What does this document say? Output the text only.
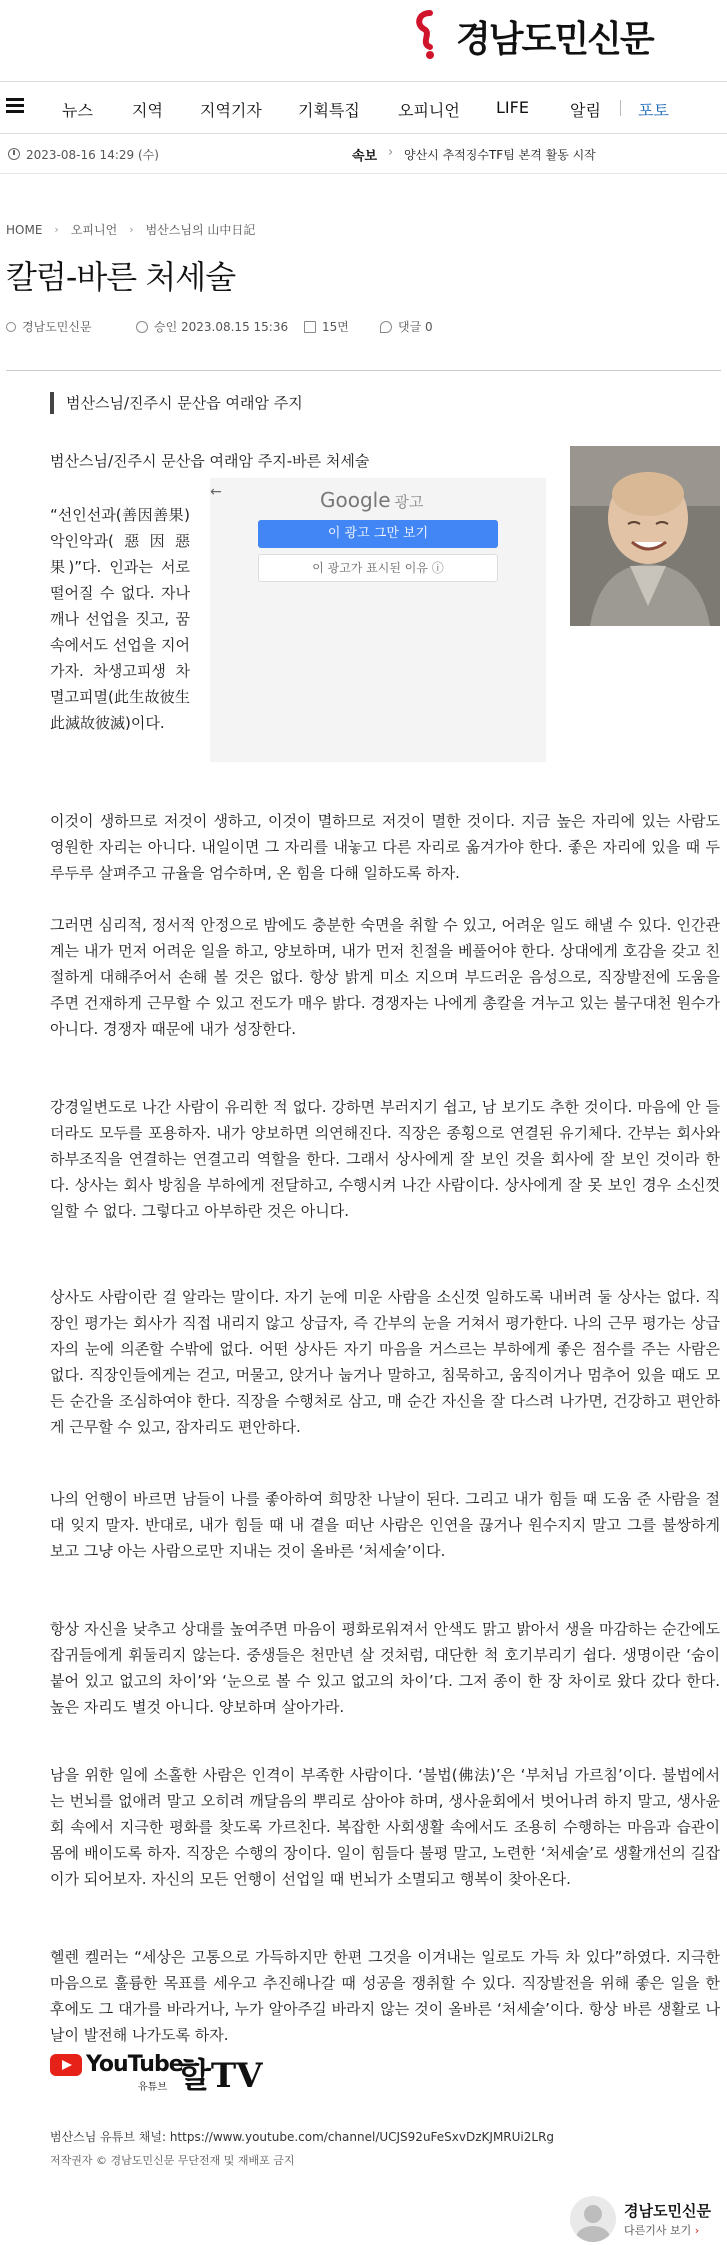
경남도민신문
뉴스 지역 지역기자 기획특집 오피니언 LIFE	알림 포토
2023-08-16 14:29 (수)	속보 › 양산시 추적징수TF팀 본격 활동 시작
HOME › 오피니언 › 범산스님의 山中日記
칼럼-바른 처세술
경남도민신문	승인 2023.08.15 15:36	15면	댓글 0
범산스님/진주시 문산읍 여래암 주지
범산스님/진주시 문산읍 여래암 주지-바른 처세술
“선인선과(善因善果) 악인악과(惡因惡果)”다. 인과는 서로 떨어질 수 없다. 자나 깨나 선업을 짓고, 꿈속에서도 선업을 지어가자. 차생고피생 차멸고피멸(此生故彼生 此滅故彼滅)이다.
←	Google 광고
이 광고 그만 보기
이 광고가 표시된 이유 ⓘ
이것이 생하므로 저것이 생하고, 이것이 멸하므로 저것이 멸한 것이다. 지금 높은 자리에 있는 사람도 영원한 자리는 아니다. 내일이면 그 자리를 내놓고 다른 자리로 옮겨가야 한다. 좋은 자리에 있을 때 두루두루 살펴주고 규율을 엄수하며, 온 힘을 다해 일하도록 하자.
그러면 심리적, 정서적 안정으로 밤에도 충분한 숙면을 취할 수 있고, 어려운 일도 해낼 수 있다. 인간관계는 내가 먼저 어려운 일을 하고, 양보하며, 내가 먼저 친절을 베풀어야 한다. 상대에게 호감을 갖고 친절하게 대해주어서 손해 볼 것은 없다. 항상 밝게 미소 지으며 부드러운 음성으로, 직장발전에 도움을 주면 건재하게 근무할 수 있고 전도가 매우 밝다. 경쟁자는 나에게 총칼을 겨누고 있는 불구대천 원수가 아니다. 경쟁자 때문에 내가 성장한다.
강경일변도로 나간 사람이 유리한 적 없다. 강하면 부러지기 쉽고, 남 보기도 추한 것이다. 마음에 안 들더라도 모두를 포용하자. 내가 양보하면 의연해진다. 직장은 종횡으로 연결된 유기체다. 간부는 회사와 하부조직을 연결하는 연결고리 역할을 한다. 그래서 상사에게 잘 보인 것을 회사에 잘 보인 것이라 한다. 상사는 회사 방침을 부하에게 전달하고, 수행시켜 나간 사람이다. 상사에게 잘 못 보인 경우 소신껏 일할 수 없다. 그렇다고 아부하란 것은 아니다.
상사도 사람이란 걸 알라는 말이다. 자기 눈에 미운 사람을 소신껏 일하도록 내버려 둘 상사는 없다. 직장인 평가는 회사가 직접 내리지 않고 상급자, 즉 간부의 눈을 거쳐서 평가한다. 나의 근무 평가는 상급자의 눈에 의존할 수밖에 없다. 어떤 상사든 자기 마음을 거스르는 부하에게 좋은 점수를 주는 사람은 없다. 직장인들에게는 걷고, 머물고, 앉거나 눕거나 말하고, 침묵하고, 움직이거나 멈추어 있을 때도 모든 순간을 조심하여야 한다. 직장을 수행처로 삼고, 매 순간 자신을 잘 다스려 나가면, 건강하고 편안하게 근무할 수 있고, 잠자리도 편안하다.
나의 언행이 바르면 남들이 나를 좋아하여 희망찬 나날이 된다. 그리고 내가 힘들 때 도움 준 사람을 절대 잊지 말자. 반대로, 내가 힘들 때 내 곁을 떠난 사람은 인연을 끊거나 원수지지 말고 그를 불쌍하게 보고 그냥 아는 사람으로만 지내는 것이 올바른 ‘처세술’이다.
항상 자신을 낮추고 상대를 높여주면 마음이 평화로워져서 안색도 맑고 밝아서 생을 마감하는 순간에도 잡귀들에게 휘둘리지 않는다. 중생들은 천만년 살 것처럼, 대단한 척 호기부리기 쉽다. 생명이란 ‘숨이 붙어 있고 없고의 차이’와 ‘눈으로 볼 수 있고 없고의 차이’다. 그저 종이 한 장 차이로 왔다 갔다 한다. 높은 자리도 별것 아니다. 양보하며 살아가라.
남을 위한 일에 소홀한 사람은 인격이 부족한 사람이다. ‘불법(佛法)’은 ‘부처님 가르침’이다. 불법에서는 번뇌를 없애려 말고 오히려 깨달음의 뿌리로 삼아야 하며, 생사윤회에서 벗어나려 하지 말고, 생사윤회 속에서 지극한 평화를 찾도록 가르친다. 복잡한 사회생활 속에서도 조용히 수행하는 마음과 습관이 몸에 배이도록 하자. 직장은 수행의 장이다. 일이 힘들다 불평 말고, 노련한 ‘처세술’로 생활개선의 길잡이가 되어보자. 자신의 모든 언행이 선업일 때 번뇌가 소멸되고 행복이 찾아온다.
헬렌 켈러는 “세상은 고통으로 가득하지만 한편 그것을 이겨내는 일로도 가득 차 있다”하였다. 지극한 마음으로 훌륭한 목표를 세우고 추진해나갈 때 성공을 쟁취할 수 있다. 직장발전을 위해 좋은 일을 한 후에도 그 대가를 바라거나, 누가 알아주길 바라지 않는 것이 올바른 ‘처세술’이다. 항상 바른 생활로 나날이 발전해 나가도록 하자.
YouTube
유튜브 할TV
범산스님 유튜브 채널: https://www.youtube.com/channel/UCJS92uFeSxvDzKJMRUi2LRg
저작권자 © 경남도민신문 무단전재 및 재배포 금지
경남도민신문
다른기사 보기 ›
